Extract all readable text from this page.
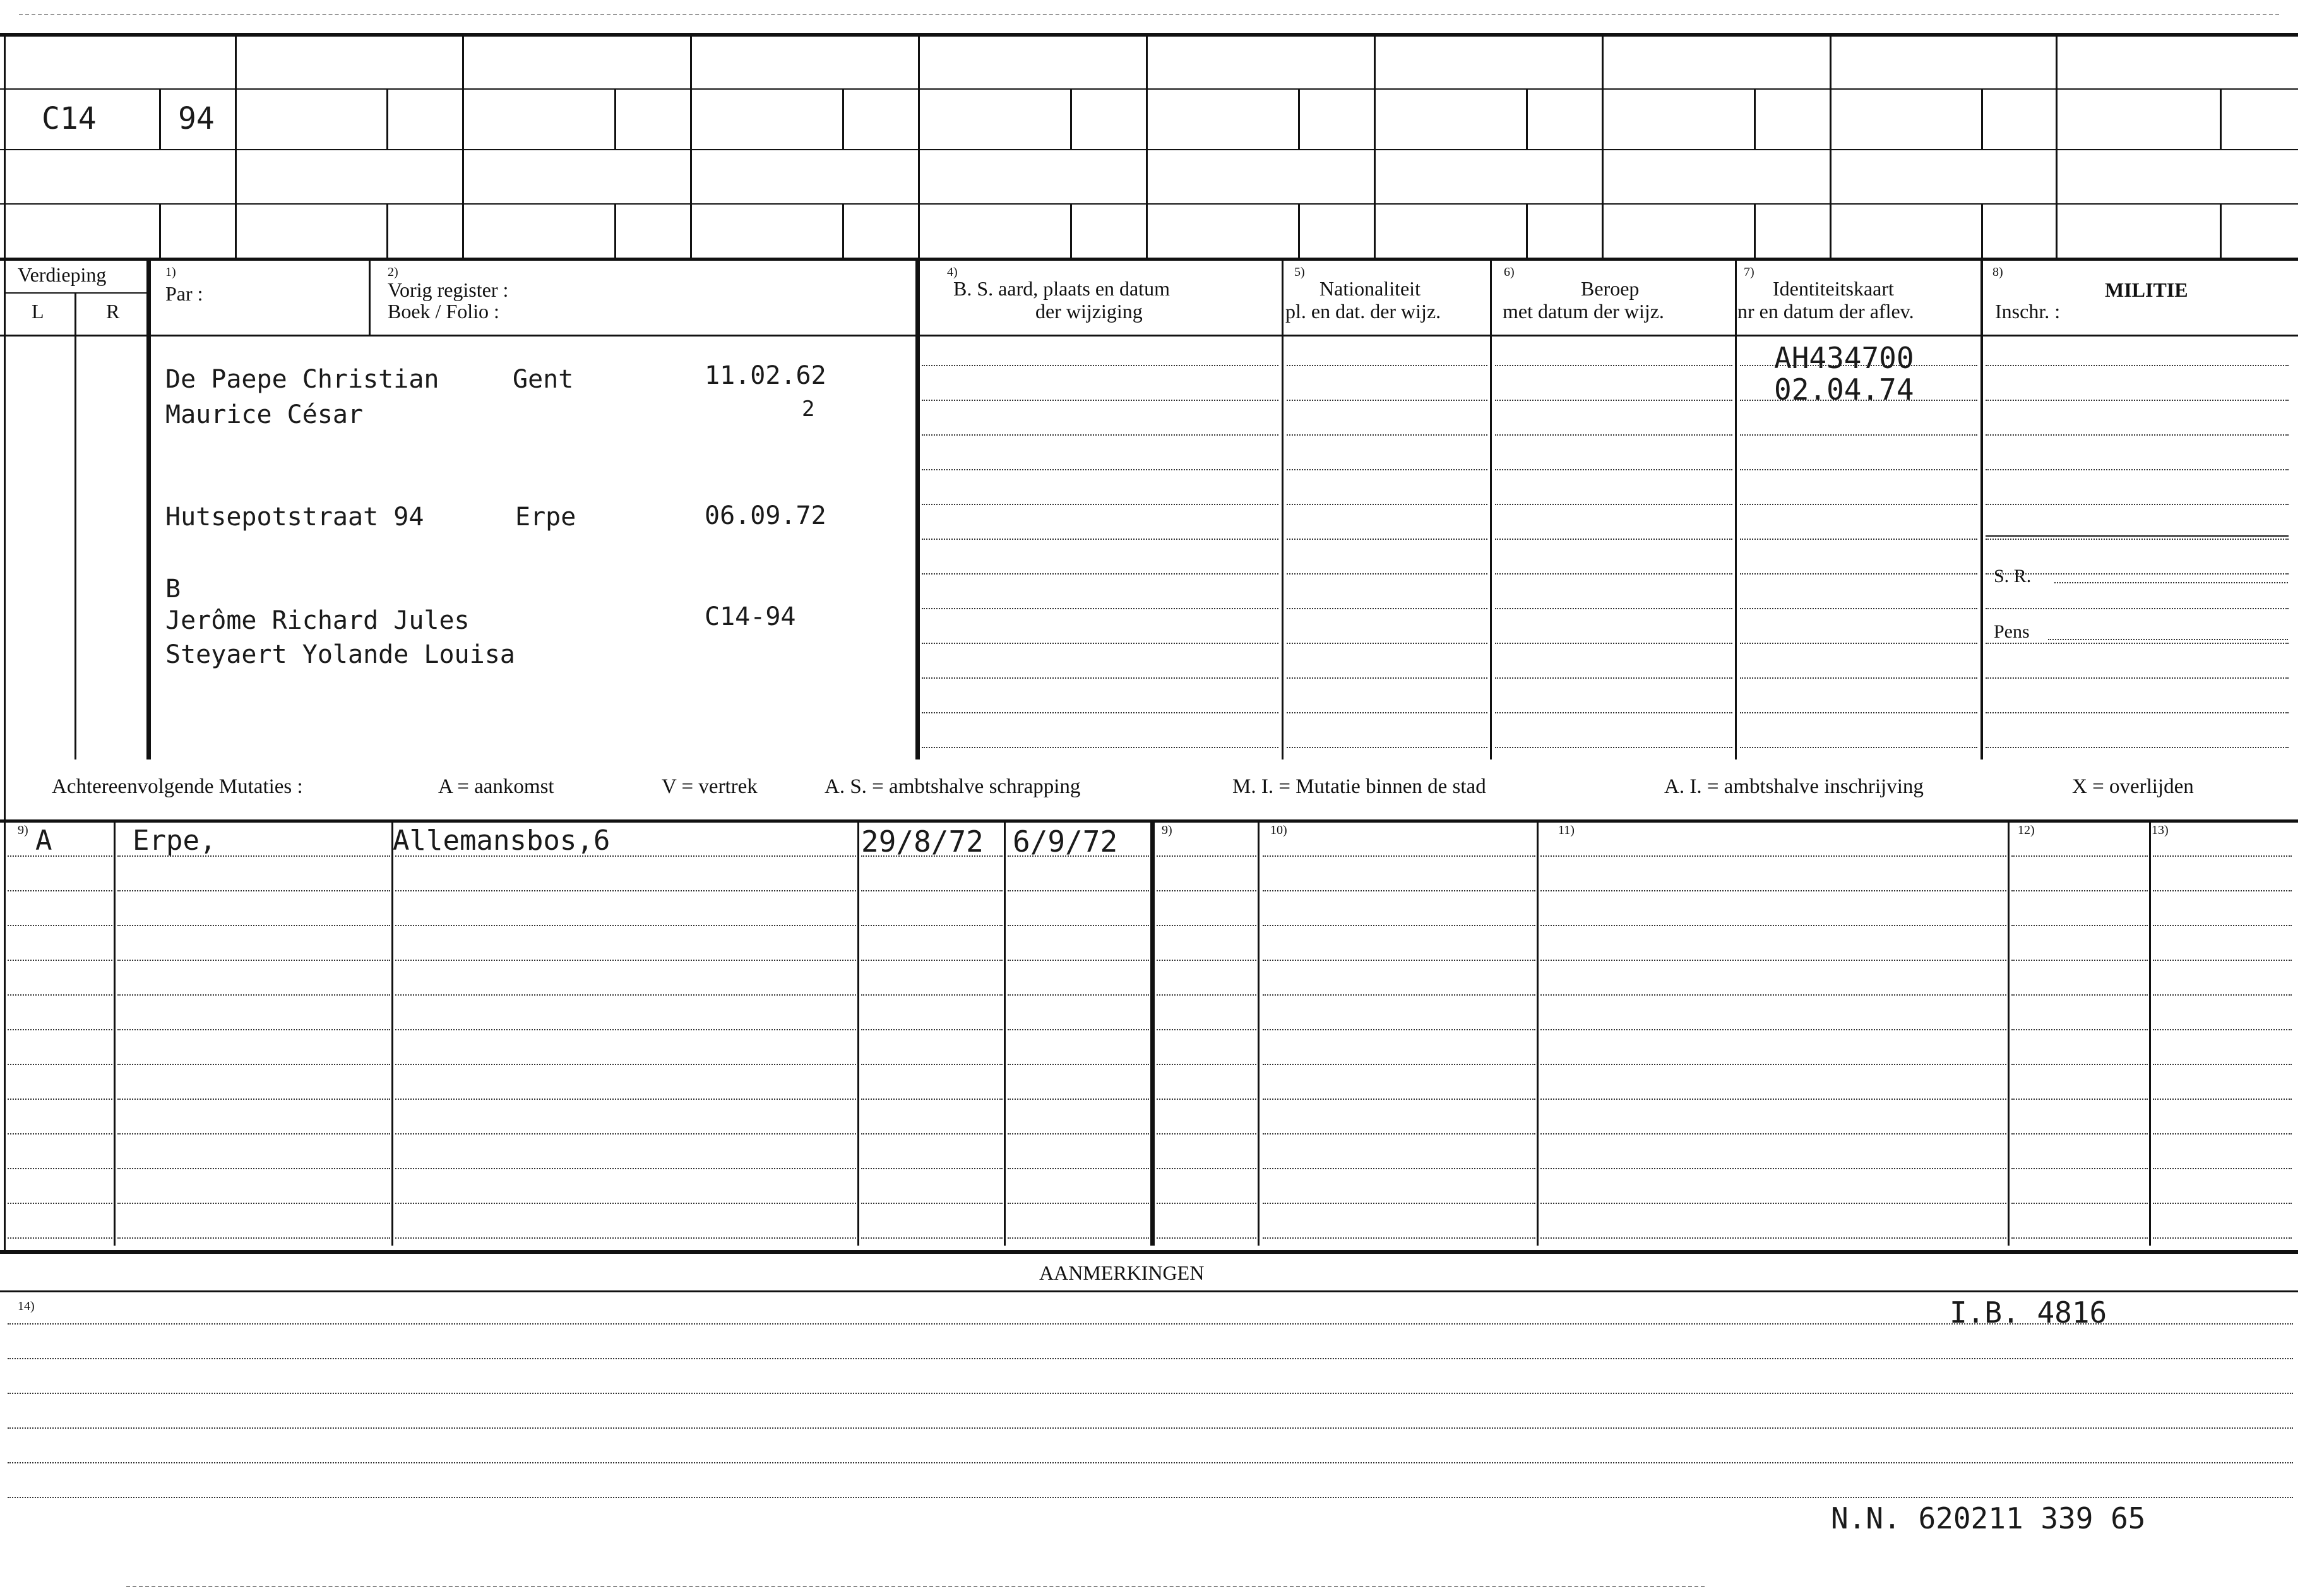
C14	94
Verdieping
L	R
1)
Par :
2)
Vorig register :
Boek / Folio :
4)
B. S. aard, plaats en datum
der wijziging
5)
Nationaliteit
pl. en dat. der wijz.
6)
Beroep
met datum der wijz.
7)
Identiteitskaart
nr en datum der aflev.
8)
MILITIE
Inschr. :
De Paepe Christian	Gent	11.02.62
Maurice César	2
Hutsepotstraat 94	Erpe	06.09.72
B
Jerôme Richard Jules	C14-94
Steyaert Yolande Louisa
AH434700
02.04.74
S. R.
Pens
Achtereenvolgende Mutaties :	A = aankomst	V = vertrek	A. S. = ambtshalve schrapping	M. I. = Mutatie binnen de stad	A. I. = ambtshalve inschrijving	X = overlijden
9)	9)	10)	11)	12)	13)
A	Erpe,	Allemansbos,6	29/8/72 6/9/72
AANMERKINGEN
14)	I.B. 4816
N.N. 620211 339 65
